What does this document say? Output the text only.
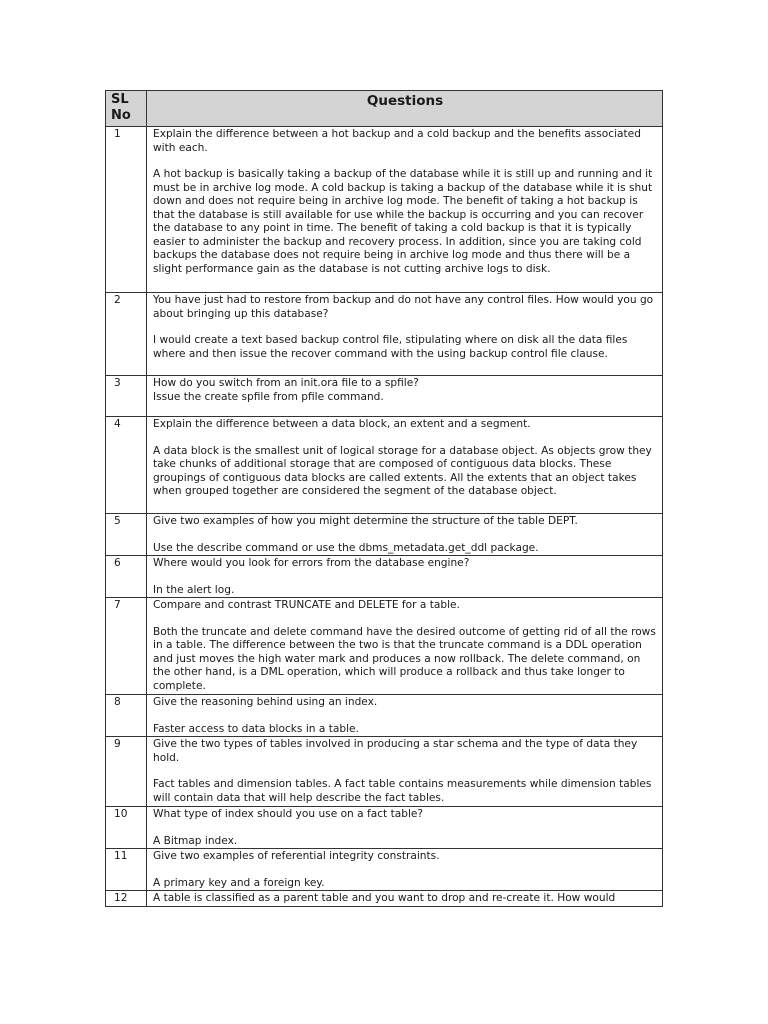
SL
No	Questions
1	Explain the difference between a hot backup and a cold backup and the benefits associated with each.

A hot backup is basically taking a backup of the database while it is still up and running and it must be in archive log mode. A cold backup is taking a backup of the database while it is shut down and does not require being in archive log mode. The benefit of taking a hot backup is that the database is still available for use while the backup is occurring and you can recover the database to any point in time. The benefit of taking a cold backup is that it is typically easier to administer the backup and recovery process. In addition, since you are taking cold backups the database does not require being in archive log mode and thus there will be a slight performance gain as the database is not cutting archive logs to disk.

2	You have just had to restore from backup and do not have any control files. How would you go about bringing up this database?

I would create a text based backup control file, stipulating where on disk all the data files where and then issue the recover command with the using backup control file clause.

3	How do you switch from an init.ora file to a spfile?

Issue the create spfile from pfile command.

4	Explain the difference between a data block, an extent and a segment.

A data block is the smallest unit of logical storage for a database object. As objects grow they take chunks of additional storage that are composed of contiguous data blocks. These groupings of contiguous data blocks are called extents. All the extents that an object takes when grouped together are considered the segment of the database object.

5	Give two examples of how you might determine the structure of the table DEPT.

Use the describe command or use the dbms_metadata.get_ddl package.

6	Where would you look for errors from the database engine?

In the alert log.

7	Compare and contrast TRUNCATE and DELETE for a table.

Both the truncate and delete command have the desired outcome of getting rid of all the rows in a table. The difference between the two is that the truncate command is a DDL operation and just moves the high water mark and produces a now rollback. The delete command, on the other hand, is a DML operation, which will produce a rollback and thus take longer to complete.

8	Give the reasoning behind using an index.

Faster access to data blocks in a table.

9	Give the two types of tables involved in producing a star schema and the type of data they hold.

Fact tables and dimension tables. A fact table contains measurements while dimension tables will contain data that will help describe the fact tables.

10	What type of index should you use on a fact table?

A Bitmap index.

11	Give two examples of referential integrity constraints.

A primary key and a foreign key.

12	A table is classified as a parent table and you want to drop and re-create it. How would
